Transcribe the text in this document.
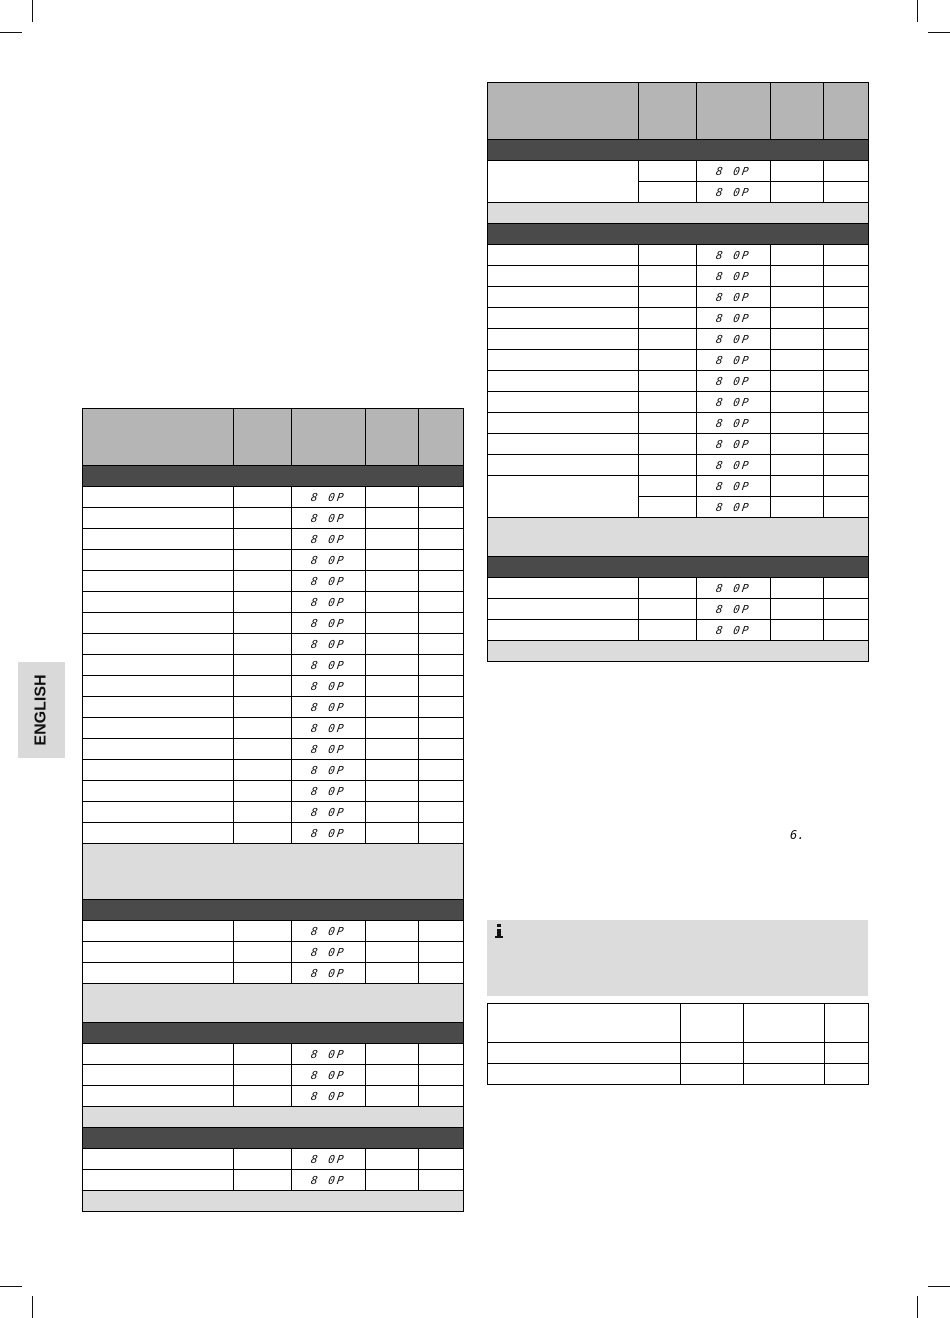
ENGLISH

		8 0P		
		8 0P		
		8 0P		
		8 0P		
		8 0P		
		8 0P		
		8 0P		
		8 0P		
		8 0P		
		8 0P		
		8 0P		
		8 0P		
		8 0P		
		8 0P		
		8 0P		
		8 0P		
		8 0P		

		8 0P		
		8 0P		
		8 0P		

		8 0P		
		8 0P		
		8 0P		

		8 0P		
		8 0P		

		8 0P		
		8 0P		

		8 0P		
		8 0P		
		8 0P		
		8 0P		
		8 0P		
		8 0P		
		8 0P		
		8 0P		
		8 0P		
		8 0P		
		8 0P		
		8 0P		
		8 0P		

		8 0P		
		8 0P		
		8 0P		

6.
